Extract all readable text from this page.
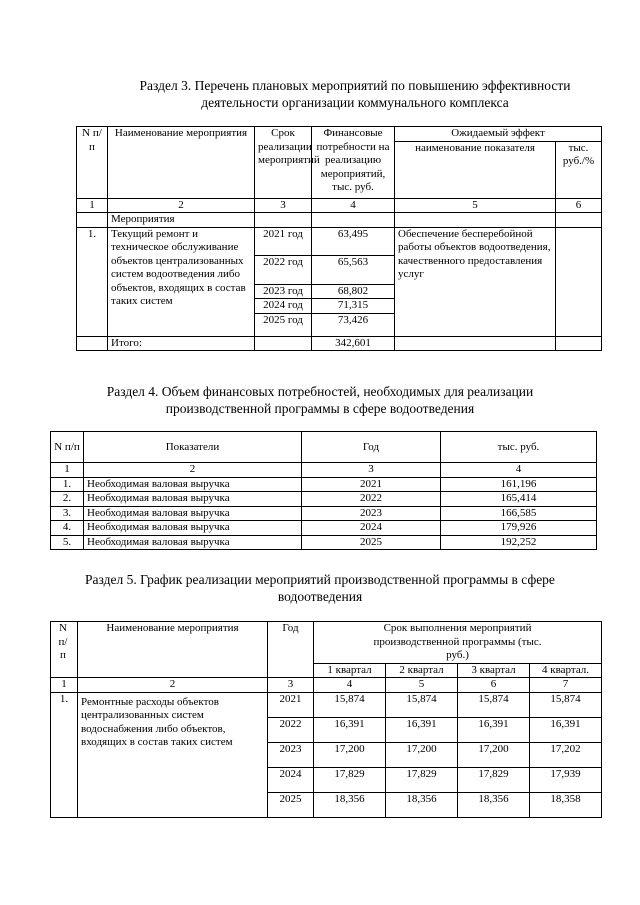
Раздел 3. Перечень плановых мероприятий по повышению эффективности
деятельности организации коммунального комплекса
N п/п	Наименование мероприятия	Срок реализации мероприятий	Финансовые потребности на реализацию мероприятий, тыс. руб.	Ожидаемый эффект	
				наименование показателя	тыс. руб./%
1	2	3	4	5	6
	Мероприятия				
1.	Текущий ремонт и техническое обслуживание объектов централизованных систем водоотведения либо объектов, входящих в состав таких систем	2021 год	63,495	Обеспечение бесперебойной работы объектов водоотведения, качественного предоставления услуг	
		2022 год	65,563		
		2023 год	68,802		
		2024 год	71,315		
		2025 год	73,426		
	Итого:		342,601		
Раздел 4. Объем финансовых потребностей, необходимых для реализации
производственной программы в сфере водоотведения
N п/п	Показатели	Год	тыс. руб.
1	2	3	4
1.	Необходимая валовая выручка	2021	161,196
2.	Необходимая валовая выручка	2022	165,414
3.	Необходимая валовая выручка	2023	166,585
4.	Необходимая валовая выручка	2024	179,926
5.	Необходимая валовая выручка	2025	192,252
Раздел 5. График реализации мероприятий производственной программы в сфере
водоотведения
N п/ п	Наименование мероприятия	Год	Срок выполнения мероприятий производственной программы (тыс. руб.)			
			1 квартал	2 квартал	3 квартал	4 квартал.
1	2	3	4	5	6	7
1.	Ремонтные расходы объектов централизованных систем водоснабжения либо объектов, входящих в состав таких систем	2021	15,874	15,874	15,874	15,874
		2022	16,391	16,391	16,391	16,391
		2023	17,200	17,200	17,200	17,202
		2024	17,829	17,829	17,829	17,939
		2025	18,356	18,356	18,356	18,358
